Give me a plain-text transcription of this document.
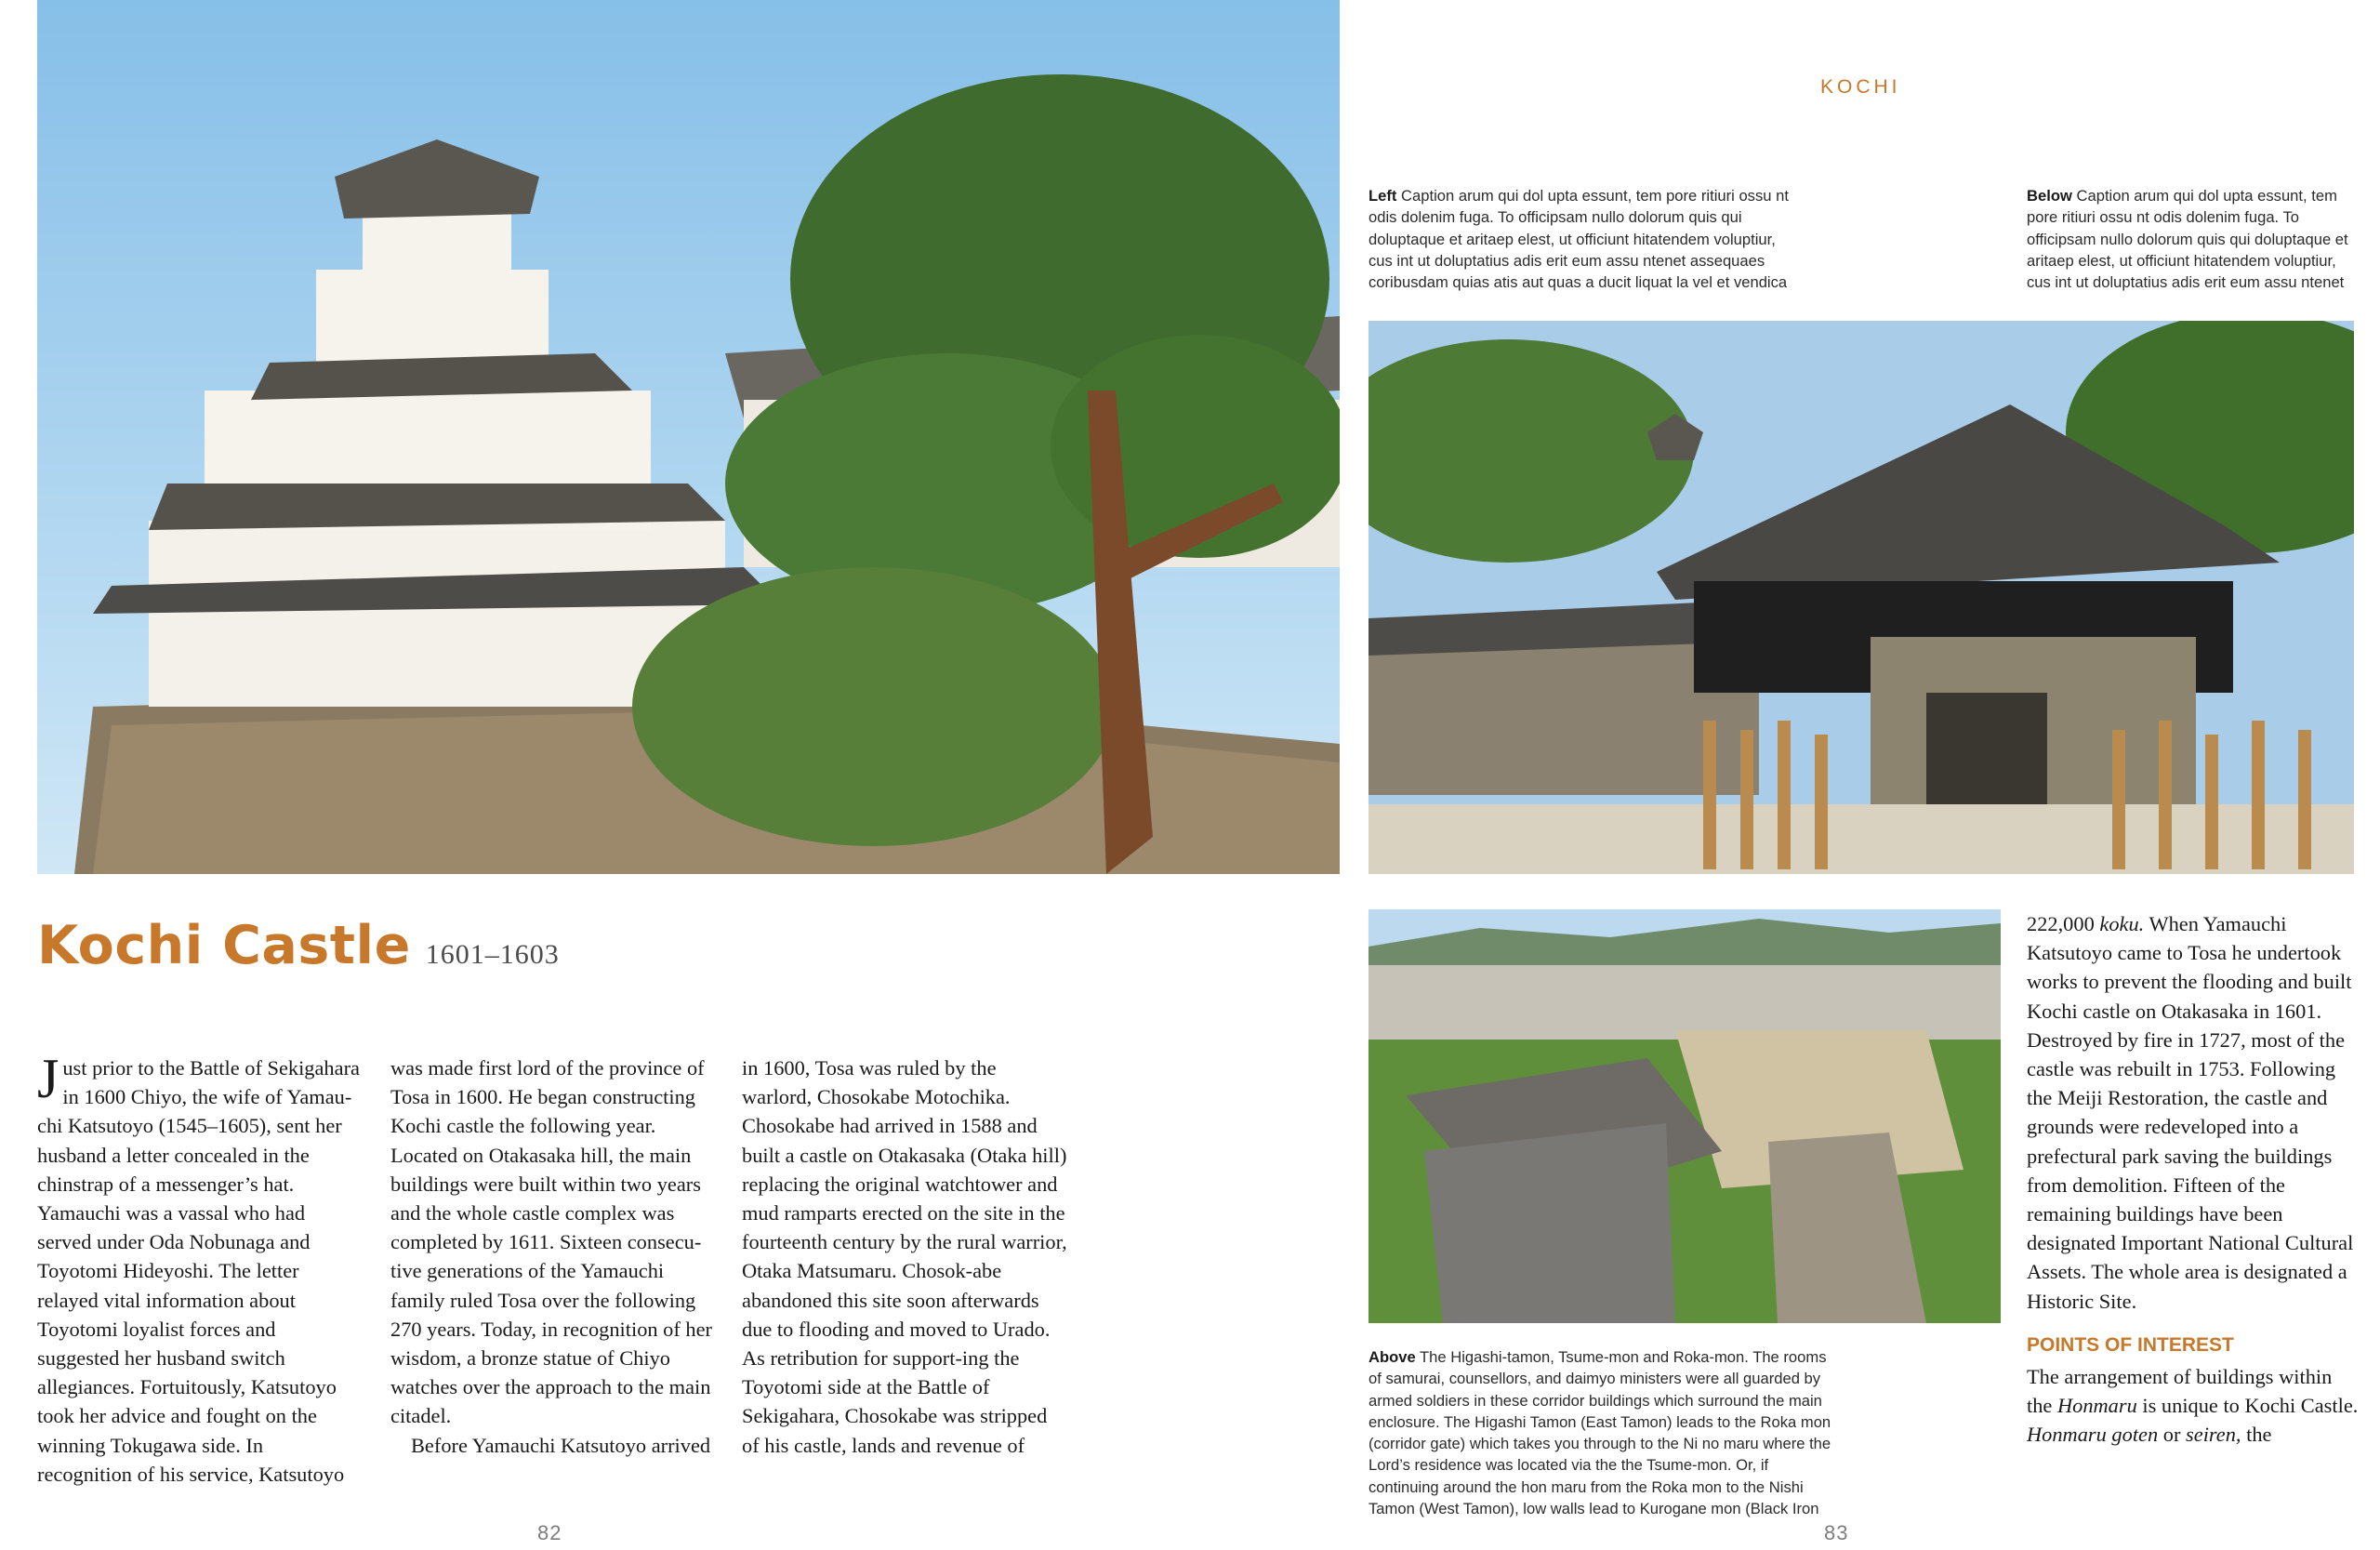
Kochi Castle 1601–1603

Just prior to the Battle of Sekigahara in 1600 Chiyo, the wife of Yamau-chi Katsutoyo (1545–1605), sent her husband a letter concealed in the chinstrap of a messenger’s hat. Yamauchi was a vassal who had served under Oda Nobunaga and Toyotomi Hideyoshi. The letter relayed vital information about Toyotomi loyalist forces and suggested her husband switch allegiances. Fortuitously, Katsutoyo took her advice and fought on the winning Tokugawa side. In recognition of his service, Katsutoyo

was made first lord of the province of Tosa in 1600. He began constructing Kochi castle the following year. Located on Otakasaka hill, the main buildings were built within two years and the whole castle complex was completed by 1611. Sixteen consecu-tive generations of the Yamauchi family ruled Tosa over the following 270 years. Today, in recognition of her wisdom, a bronze statue of Chiyo watches over the approach to the main citadel.

Before Yamauchi Katsutoyo arrived

in 1600, Tosa was ruled by the warlord, Chosokabe Motochika. Chosokabe had arrived in 1588 and built a castle on Otakasaka (Otaka hill) replacing the original watchtower and mud ramparts erected on the site in the fourteenth century by the rural warrior, Otaka Matsumaru. Chosok-abe abandoned this site soon afterwards due to flooding and moved to Urado. As retribution for support-ing the Toyotomi side at the Battle of Sekigahara, Chosokabe was stripped of his castle, lands and revenue of

82
KOCHI
Left Caption arum qui dol upta essunt, tem pore ritiuri ossu nt odis dolenim fuga. To officipsam nullo dolorum quis qui doluptaque et aritaep elest, ut officiunt hitatendem voluptiur, cus int ut doluptatius adis erit eum assu ntenet assequaes coribusdam quias atis aut quas a ducit liquat la vel et vendica
Below Caption arum qui dol upta essunt, tem pore ritiuri ossu nt odis dolenim fuga. To officipsam nullo dolorum quis qui doluptaque et aritaep elest, ut officiunt hitatendem voluptiur, cus int ut doluptatius adis erit eum assu ntenet
Above The Higashi-tamon, Tsume-mon and Roka-mon. The rooms of samurai, counsellors, and daimyo ministers were all guarded by armed soldiers in these corridor buildings which surround the main enclosure. The Higashi Tamon (East Tamon) leads to the Roka mon (corridor gate) which takes you through to the Ni no maru where the Lord’s residence was located via the the Tsume-mon. Or, if continuing around the hon maru from the Roka mon to the Nishi Tamon (West Tamon), low walls lead to Kurogane mon (Black Iron

222,000 koku. When Yamauchi Katsutoyo came to Tosa he undertook works to prevent the flooding and built Kochi castle on Otakasaka in 1601. Destroyed by fire in 1727, most of the castle was rebuilt in 1753. Following the Meiji Restoration, the castle and grounds were redeveloped into a prefectural park saving the buildings from demolition. Fifteen of the remaining buildings have been designated Important National Cultural Assets. The whole area is designated a Historic Site.

POINTS OF INTEREST

The arrangement of buildings within the Honmaru is unique to Kochi Castle. Honmaru goten or seiren, the

83
